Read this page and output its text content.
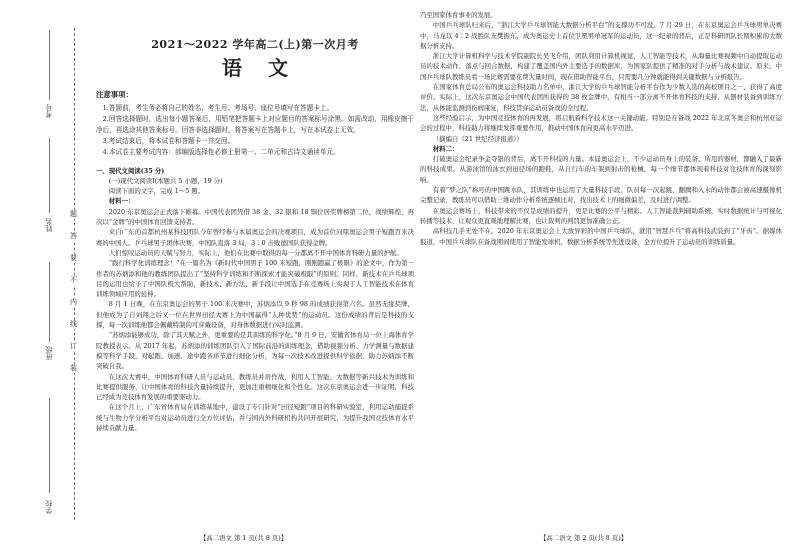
考号
姓名
班级
学校
题
答
要
不
内
线
订
装
2021～2022 学年高二(上)第一次月考
语文
注意事项：

1.答题前，考生务必将自己的姓名、考生号、考场号、座位号填写在答题卡上。

2.回答选择题时，选出每小题答案后，用铅笔把答题卡上对应题目的答案标号涂黑。如需改动，用橡皮擦干净后，再选涂其他答案标号。回答非选择题时，将答案写在答题卡上，写在本试卷上无效。

3.考试结束后，将本试卷和答题卡一并交回。

4.本试卷主要考试内容：部编版选择性必修上册第一、二单元和古诗文诵读单元。

一、现代文阅读(35 分)

(一)现代文阅读Ⅰ(本题共 5 小题，19 分)

阅读下面的文字，完成 1～5 题。

材料一：

2020 东京奥运会正式落下帷幕。中国代表团凭借 38 金、32 银和 18 铜位居奖牌榜第二位，战绩辉煌，再次以“金牌”的中国体育回馈支持者。

来自广东的首都杭州某科技团队今年曾经参与本届奥运会的决赛项目，成为首位问鼎奥运会男子短跑百米决赛的中国人。乒乓球男子团体决赛，中国队直落 3 局，3∶0 击败德国队获得金牌。

人们惊叹运动员的天赋与努力，实际上，他们在比赛中取得的每一分都离不开中国体育科研力量的护航。

“践行科学化训练理念！”在一篇名为《新时代中国男子 100 米短跑，刚刚跑赢了极限》的论文中，作为第一作者的苏炳添和他的教练团队提出了“坚持科学训练和不断探索才能突破极限”的原则。同样，新技术在乒乓球项目的运用也给予了中国队极大帮助，新技术、新方法、新手段让中国选手在竞赛场上实现了人工智能技术在体育训练领域应用的延伸。

8 月 1 日晚，在东京奥运会的男子 100 米决赛中，苏炳添以 9 秒 98 的成绩获得第六名。虽然无缘奖牌，但他成为了自刘翔之后又一位在世界田径大赛上为中国赢得“人种优势”的运动员。这份成绩的背后是科技的支撑，每一次训练他都会佩戴特制的可穿戴设备，对身体数据进行实时监测。

“苏炳添能够成功，除了其天赋之外，更重要的是其训练的科学化。”8 月 9 日，安徽省体育局一位上海体育学院教授表示。从 2017 年起，苏炳添的训练团队引入了国际前沿的训练理念，借助视频分析、力学测量与数据建模等科学手段，对起跑、加速、途中跑各环节进行细化分析，为每一次技术改进提供科学依据，助力苏炳添不断突破自我。

在这次大赛中，中国体育科研人员与运动员、教练员并肩作战，利用人工智能、大数据等新兴技术为训练和比赛提供服务，让中国体育的科技含量持续提升，更加注重精细化和个性化。这次东京奥运会进一步证明，科技已经成为竞技体育发展的重要驱动力。

在这个月上，广东省体育局在训练基地中，建设了专门针对“田径短跑”项目的科研实验室，利用运动捕捉系统与生物力学分析平台对运动员进行全方位评估，并与国内外科研机构共同开展研究，为提升我国竞技体育水平持续贡献力量。

【高二语文 第 1 页(共 8 页)】

乃至国家体育事业的发展。

中国乒乓球队归来后，“浙江大学乒乓球智能大数据分析平台”的支撑功不可没。7 月 29 日，在东京奥运会乒乓球男单决赛中，马龙以 4∶2 战胜队友樊振东，成为奥运史上首位卫冕男单冠军的运动员，这一纪录的背后，正是科研团队长期积累的大数据分析支持。

浙江大学计算机科学与技术学院副院长吴飞介绍，团队利用计算机视觉、人工智能等技术，从海量比赛视频中自动提取运动员的技术动作、落点与回合数据，构建了覆盖国内外主要选手的数据库，为国家队提供了精准的对手分析与战术建议。原来，中国乒乓球队教练员看一场比赛需要花费大量时间，现在借助智能平台，只需要几分钟就能得到关键数据与分析报告。

在国家体育总局公布的奥运会科技助力名单中，浙江大学的乒乓球智能分析平台作为少数入选的高校项目之一，获得了高度评价。实际上，这次东京奥运会中国代表团所获得的 38 枚金牌中，有相当一部分离不开体育科技的支持，从器材装备到训练方法，从体能监测到伤病康复，科技贯穿运动员备战的全过程。

这些经验启示，为中国竞技体育的再发展，将启航着科学技术这一关键动能。特别是在备战 2022 年北京冬奥会和杭州亚运会的过程中，科技助力将继续发挥重要作用，推动中国体育向更高水平迈进。

（摘编自《21 世纪经济报道》）

材料二：

打破奥运会纪录争金夺银的背后，离不开科技的力量。本届奥运会上，不少运动员身上的装备、所用的器材，都融入了最新的科技成果。从游泳馆的泳衣到田径场的跑鞋，从自行车的车架到射击的枪械，每一个细节都体现着科技对竞技体育的深刻影响。

有着“梦之队”称号的中国跳水队，其训练中也运用了大量科技手段。队员每一次起跳、翻腾和入水的动作都会被高速摄像机完整记录，教练员可以借助三维动作分析系统逐帧比对，找出技术上的细微偏差，及时进行调整。

在奥运会赛场上，科技带来的不仅是成绩的提升，更是比赛的公平与精彩。人工智能裁判辅助系统、实时数据统计与可视化转播等技术，让观众更直观地理解比赛，也让裁判的判罚更加准确公正。

高科技几乎无处不在。2020 年东京奥运会上大放异彩的中国乒乓球队，就用“智慧乒乓”将高科技武装到了“牙齿”。据媒体报道，中国乒乓球队在备战期间使用了智能发球机、数据分析系统等先进设备，全方位提升了运动员的训练质量。

【高二语文 第 2 页(共 8 页)】
